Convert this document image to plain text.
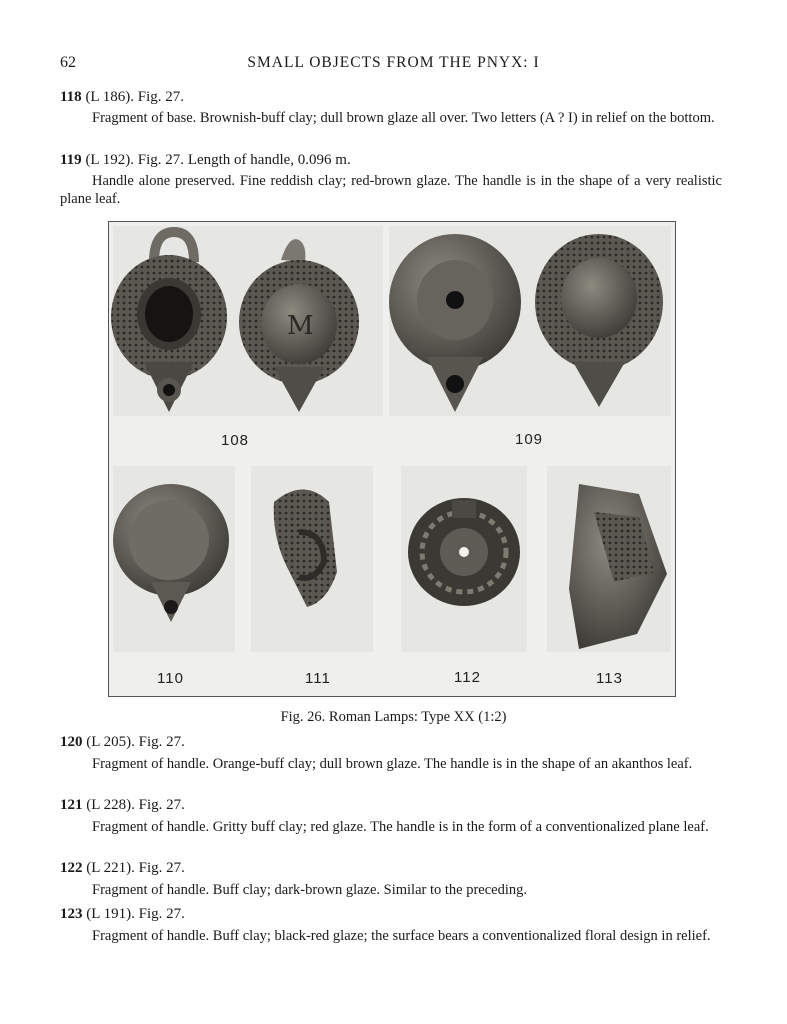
62	SMALL OBJECTS FROM THE PNYX: I
118 (L 186). Fig. 27.
Fragment of base. Brownish-buff clay; dull brown glaze all over. Two letters (A ? I) in relief on the bottom.
119 (L 192). Fig. 27. Length of handle, 0.096 m.
Handle alone preserved. Fine reddish clay; red-brown glaze. The handle is in the shape of a very realistic plane leaf.
M
108	109
110	111	112	113
Fig. 26. Roman Lamps: Type XX (1:2)
120 (L 205). Fig. 27.
Fragment of handle. Orange-buff clay; dull brown glaze. The handle is in the shape of an akanthos leaf.
121 (L 228). Fig. 27.
Fragment of handle. Gritty buff clay; red glaze. The handle is in the form of a conventionalized plane leaf.
122 (L 221). Fig. 27.
Fragment of handle. Buff clay; dark-brown glaze. Similar to the preceding.
123 (L 191). Fig. 27.
Fragment of handle. Buff clay; black-red glaze; the surface bears a conventionalized floral design in relief.
